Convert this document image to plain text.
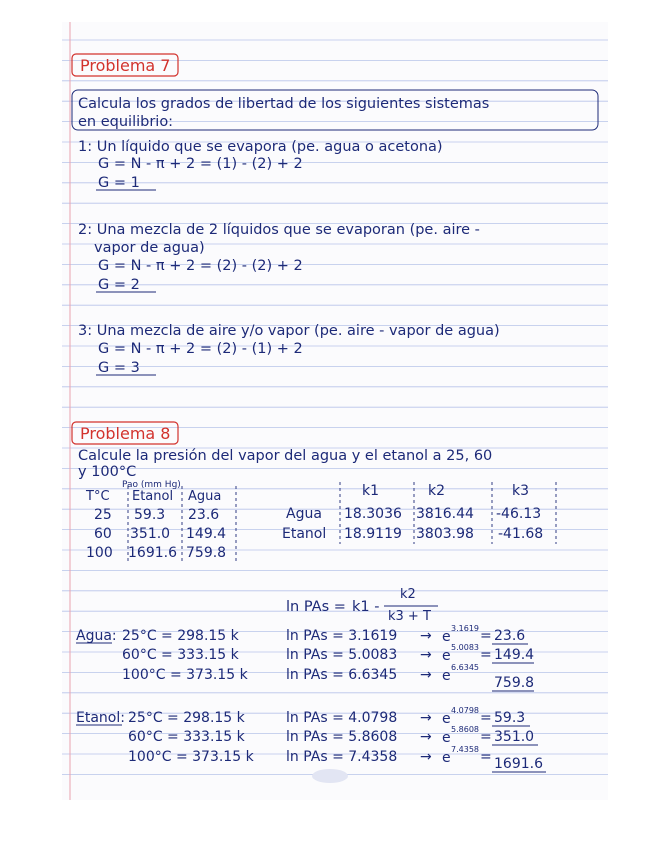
Problema 7
Calcula los grados de libertad de los siguientes sistemas
en equilibrio:
1: Un líquido que se evapora (pe. agua o acetona)
G = N - π + 2 = (1) - (2) + 2
G = 1
2: Una mezcla de 2 líquidos que se evaporan (pe. aire -
vapor de agua)
G = N - π + 2 = (2) - (2) + 2
G = 2
3: Una mezcla de aire y/o vapor (pe. aire - vapor de agua)
G = N - π + 2 = (2) - (1) + 2
G = 3
Problema 8
Calcule la presión del vapor del agua y el etanol a 25, 60
y 100°C
Pao (mm Hg)
T°C Etanol Agua
25 59.3 23.6
60 351.0 149.4
100 1691.6 759.8
k1	k2	k3
Agua 18.3036 3816.44 -46.13
Etanol 18.9119 3803.98 -41.68
ln PAs = k1 -
k2
k3 + T
Agua: 25°C = 298.15 k	ln PAs = 3.1619 → e
3.1619 = 23.6
60°C = 333.15 k	ln PAs = 5.0083 → e
5.0083 = 149.4
100°C = 373.15 k	ln PAs = 6.6345 → e
6.6345
759.8
Etanol: 25°C = 298.15 k	ln PAs = 4.0798 → e
4.0798 = 59.3
60°C = 333.15 k	ln PAs = 5.8608 → e
5.8608 = 351.0
100°C = 373.15 k ln PAs = 7.4358 → e
7.4358 = 1691.6
